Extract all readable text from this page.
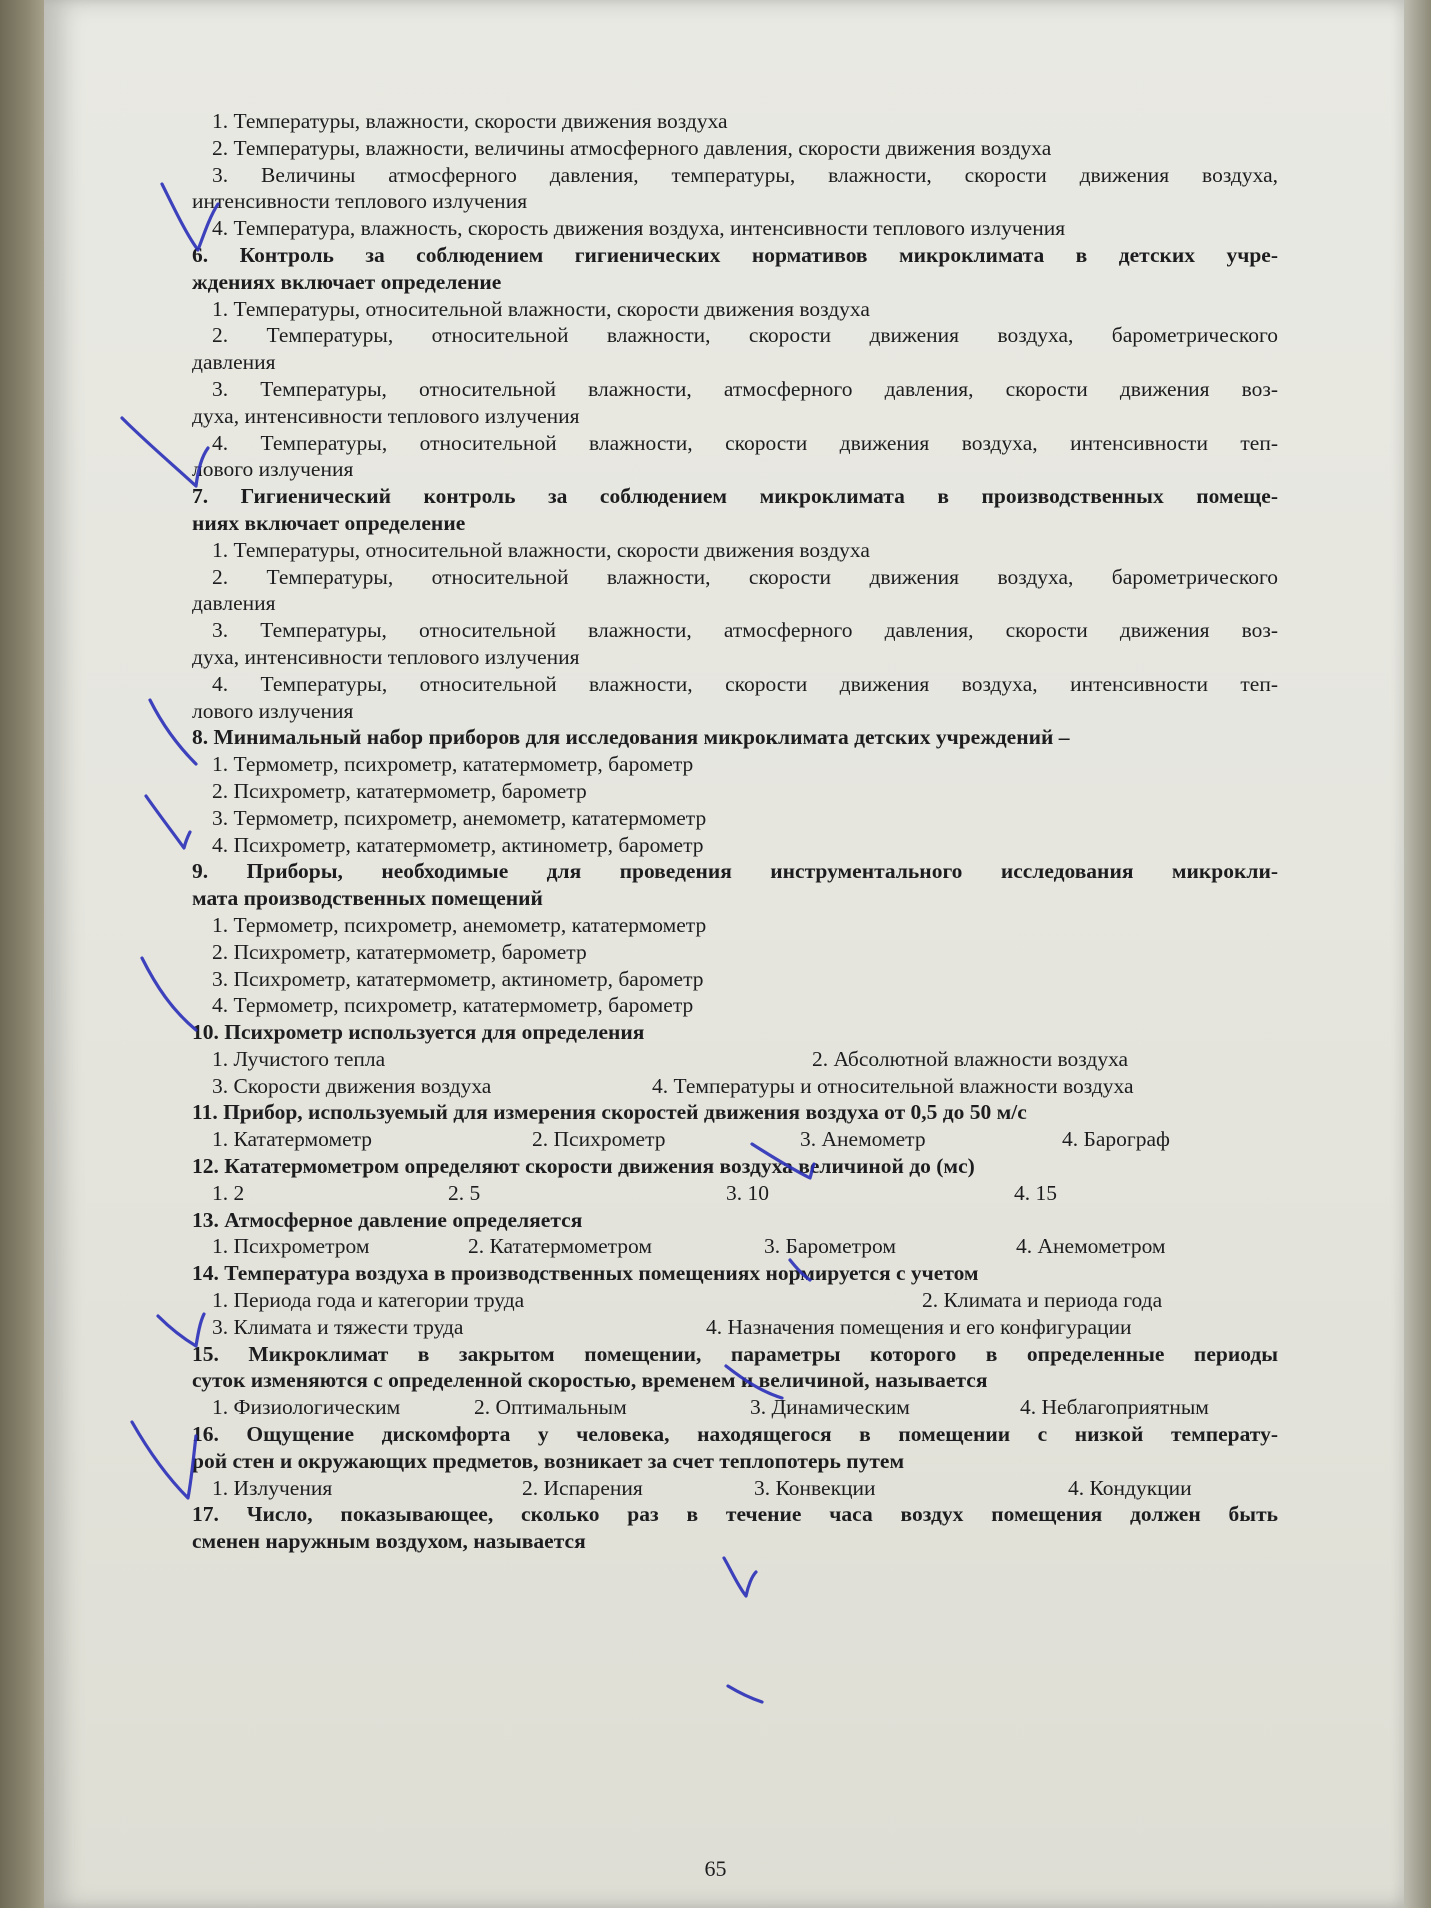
1. Температуры, влажности, скорости движения воздуха
2. Температуры, влажности, величины атмосферного давления, скорости движения воздуха
3. Величины атмосферного давления, температуры, влажности, скорости движения воздуха,
интенсивности теплового излучения
4. Температура, влажность, скорость движения воздуха, интенсивности теплового излучения
6. Контроль за соблюдением гигиенических нормативов микроклимата в детских учре-
ждениях включает определение
1. Температуры, относительной влажности, скорости движения воздуха
2. Температуры, относительной влажности, скорости движения воздуха, барометрического
давления
3. Температуры, относительной влажности, атмосферного давления, скорости движения воз-
духа, интенсивности теплового излучения
4. Температуры, относительной влажности, скорости движения воздуха, интенсивности теп-
лового излучения
7. Гигиенический контроль за соблюдением микроклимата в производственных помеще-
ниях включает определение
1. Температуры, относительной влажности, скорости движения воздуха
2. Температуры, относительной влажности, скорости движения воздуха, барометрического
давления
3. Температуры, относительной влажности, атмосферного давления, скорости движения воз-
духа, интенсивности теплового излучения
4. Температуры, относительной влажности, скорости движения воздуха, интенсивности теп-
лового излучения
8. Минимальный набор приборов для исследования микроклимата детских учреждений –
1. Термометр, психрометр, кататермометр, барометр
2. Психрометр, кататермометр, барометр
3. Термометр, психрометр, анемометр, кататермометр
4. Психрометр, кататермометр, актинометр, барометр
9. Приборы, необходимые для проведения инструментального исследования микрокли-
мата производственных помещений
1. Термометр, психрометр, анемометр, кататермометр
2. Психрометр, кататермометр, барометр
3. Психрометр, кататермометр, актинометр, барометр
4. Термометр, психрометр, кататермометр, барометр
10. Психрометр используется для определения
1. Лучистого тепла	2. Абсолютной влажности воздуха
3. Скорости движения воздуха	4. Температуры и относительной влажности воздуха
11. Прибор, используемый для измерения скоростей движения воздуха от 0,5 до 50 м/с
1. Кататермометр	2. Психрометр	3. Анемометр	4. Барограф
12. Кататермометром определяют скорости движения воздуха величиной до (мс)
1. 2	2. 5	3. 10	4. 15
13. Атмосферное давление определяется
1. Психрометром	2. Кататермометром	3. Барометром	4. Анемометром
14. Температура воздуха в производственных помещениях нормируется с учетом
1. Периода года и категории труда	2. Климата и периода года
3. Климата и тяжести труда	4. Назначения помещения и его конфигурации
15. Микроклимат в закрытом помещении, параметры которого в определенные периоды
суток изменяются с определенной скоростью, временем и величиной, называется
1. Физиологическим	2. Оптимальным	3. Динамическим	4. Неблагоприятным
16. Ощущение дискомфорта у человека, находящегося в помещении с низкой температу-
рой стен и окружающих предметов, возникает за счет теплопотерь путем
1. Излучения	2. Испарения	3. Конвекции	4. Кондукции
17. Число, показывающее, сколько раз в течение часа воздух помещения должен быть
сменен наружным воздухом, называется
65
